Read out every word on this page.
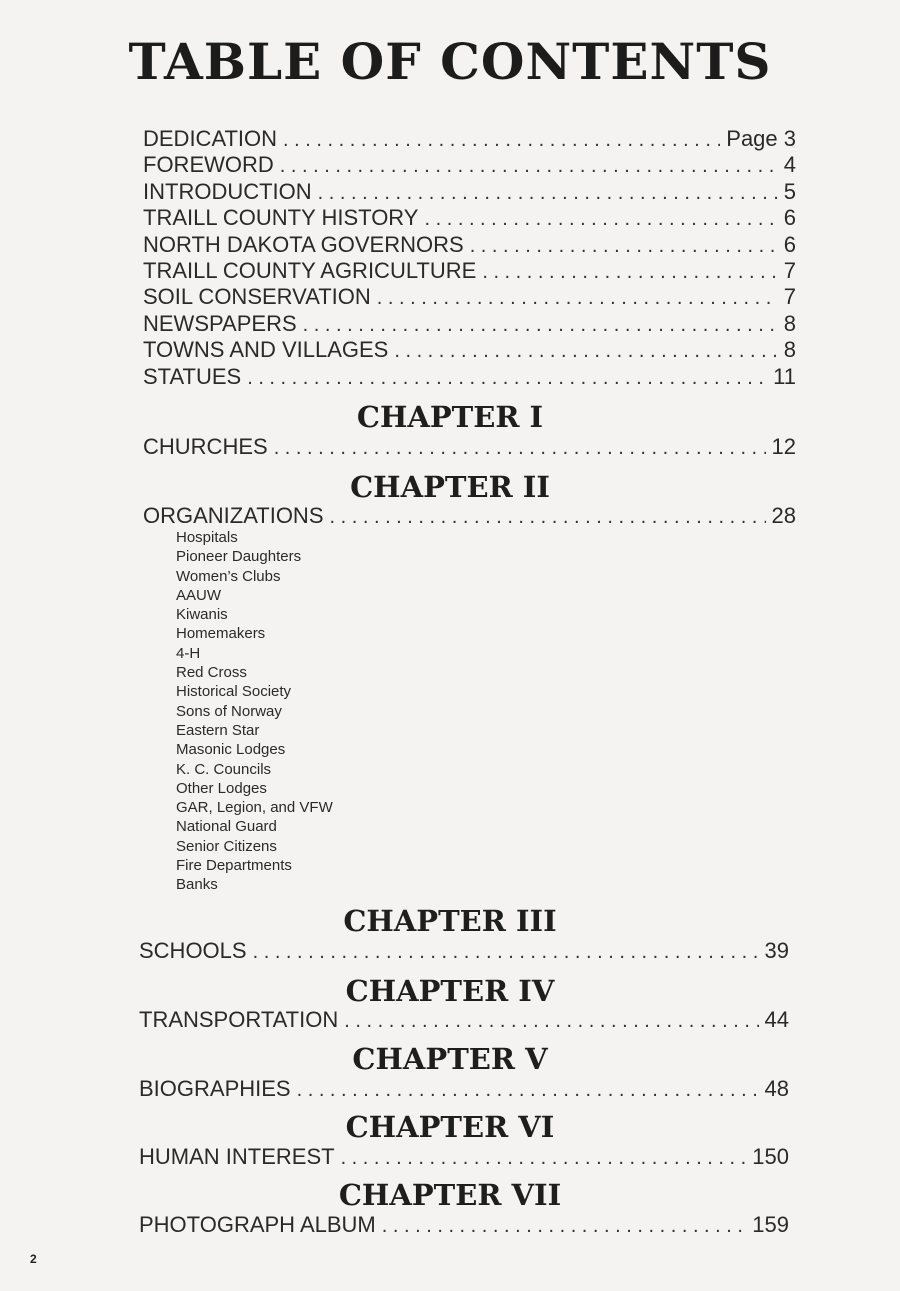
TABLE OF CONTENTS
DEDICATION . . .	Page 3
FOREWORD . . .	4
INTRODUCTION . . .	5
TRAILL COUNTY HISTORY . . .	6
NORTH DAKOTA GOVERNORS . . .	6
TRAILL COUNTY AGRICULTURE . . .	7
SOIL CONSERVATION . . .	7
NEWSPAPERS . . .	8
TOWNS AND VILLAGES . . .	8
STATUES . . .	11
CHAPTER I
CHURCHES . . .	12
CHAPTER II
ORGANIZATIONS . . .	28
Hospitals
Pioneer Daughters
Women’s Clubs
AAUW
Kiwanis
Homemakers
4-H
Red Cross
Historical Society
Sons of Norway
Eastern Star
Masonic Lodges
K. C. Councils
Other Lodges
GAR, Legion, and VFW
National Guard
Senior Citizens
Fire Departments
Banks
CHAPTER III
SCHOOLS . . .	39
CHAPTER IV
TRANSPORTATION . . .	44
CHAPTER V
BIOGRAPHIES . . .	48
CHAPTER VI
HUMAN INTEREST . . .	150
CHAPTER VII
PHOTOGRAPH ALBUM . . .	159
2
